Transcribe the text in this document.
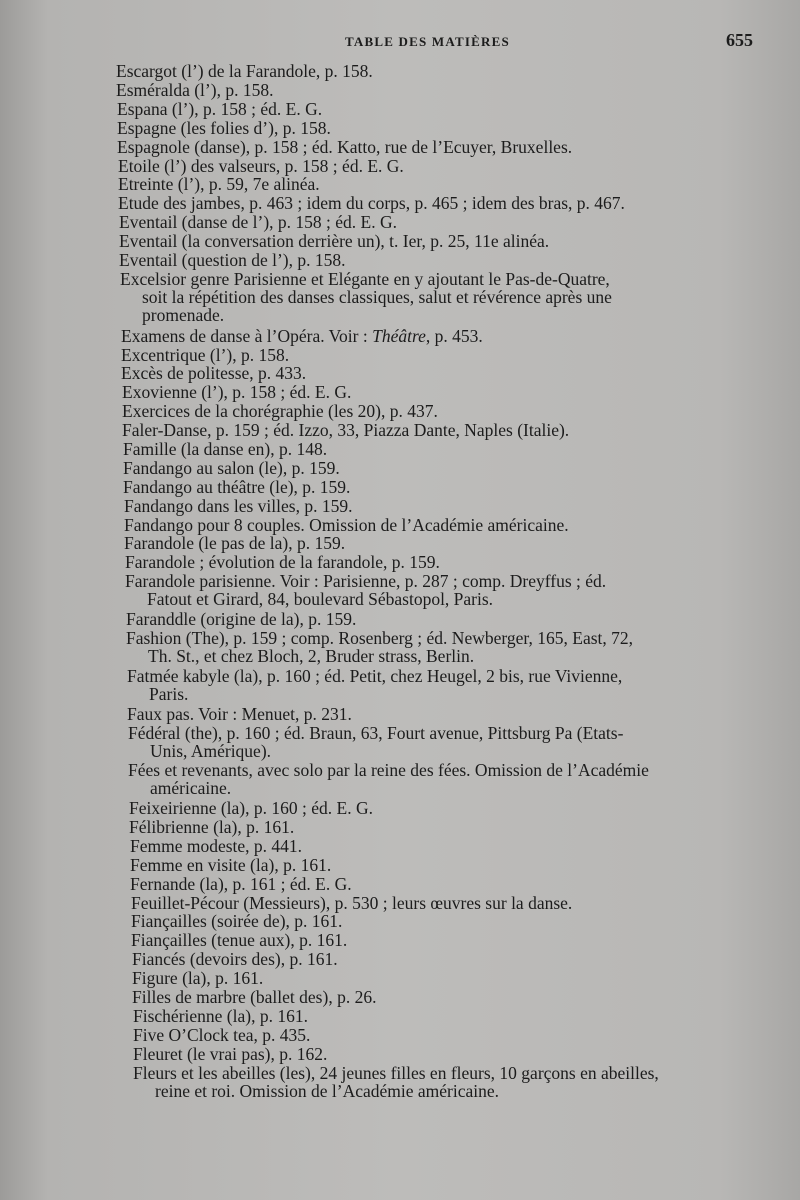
TABLE DES MATIÈRES	655
Escargot (l’) de la Farandole, p. 158.
Esméralda (l’), p. 158.
Espana (l’), p. 158 ; éd. E. G.
Espagne (les folies d’), p. 158.
Espagnole (danse), p. 158 ; éd. Katto, rue de l’Ecuyer, Bruxelles.
Etoile (l’) des valseurs, p. 158 ; éd. E. G.
Etreinte (l’), p. 59, 7e alinéa.
Etude des jambes, p. 463 ; idem du corps, p. 465 ; idem des bras, p. 467.
Eventail (danse de l’), p. 158 ; éd. E. G.
Eventail (la conversation derrière un), t. Ier, p. 25, 11e alinéa.
Eventail (question de l’), p. 158.
Excelsior genre Parisienne et Elégante en y ajoutant le Pas-de-Quatre,
soit la répétition des danses classiques, salut et révérence après une
promenade.
Examens de danse à l’Opéra. Voir : Théâtre, p. 453.
Excentrique (l’), p. 158.
Excès de politesse, p. 433.
Exovienne (l’), p. 158 ; éd. E. G.
Exercices de la chorégraphie (les 20), p. 437.
Faler-Danse, p. 159 ; éd. Izzo, 33, Piazza Dante, Naples (Italie).
Famille (la danse en), p. 148.
Fandango au salon (le), p. 159.
Fandango au théâtre (le), p. 159.
Fandango dans les villes, p. 159.
Fandango pour 8 couples. Omission de l’Académie américaine.
Farandole (le pas de la), p. 159.
Farandole ; évolution de la farandole, p. 159.
Farandole parisienne. Voir : Parisienne, p. 287 ; comp. Dreyffus ; éd.
Fatout et Girard, 84, boulevard Sébastopol, Paris.
Faranddle (origine de la), p. 159.
Fashion (The), p. 159 ; comp. Rosenberg ; éd. Newberger, 165, East, 72,
Th. St., et chez Bloch, 2, Bruder strass, Berlin.
Fatmée kabyle (la), p. 160 ; éd. Petit, chez Heugel, 2 bis, rue Vivienne,
Paris.
Faux pas. Voir : Menuet, p. 231.
Fédéral (the), p. 160 ; éd. Braun, 63, Fourt avenue, Pittsburg Pa (Etats-
Unis, Amérique).
Fées et revenants, avec solo par la reine des fées. Omission de l’Académie
américaine.
Feixeirienne (la), p. 160 ; éd. E. G.
Félibrienne (la), p. 161.
Femme modeste, p. 441.
Femme en visite (la), p. 161.
Fernande (la), p. 161 ; éd. E. G.
Feuillet-Pécour (Messieurs), p. 530 ; leurs œuvres sur la danse.
Fiançailles (soirée de), p. 161.
Fiançailles (tenue aux), p. 161.
Fiancés (devoirs des), p. 161.
Figure (la), p. 161.
Filles de marbre (ballet des), p. 26.
Fischérienne (la), p. 161.
Five O’Clock tea, p. 435.
Fleuret (le vrai pas), p. 162.
Fleurs et les abeilles (les), 24 jeunes filles en fleurs, 10 garçons en abeilles,
reine et roi. Omission de l’Académie américaine.
